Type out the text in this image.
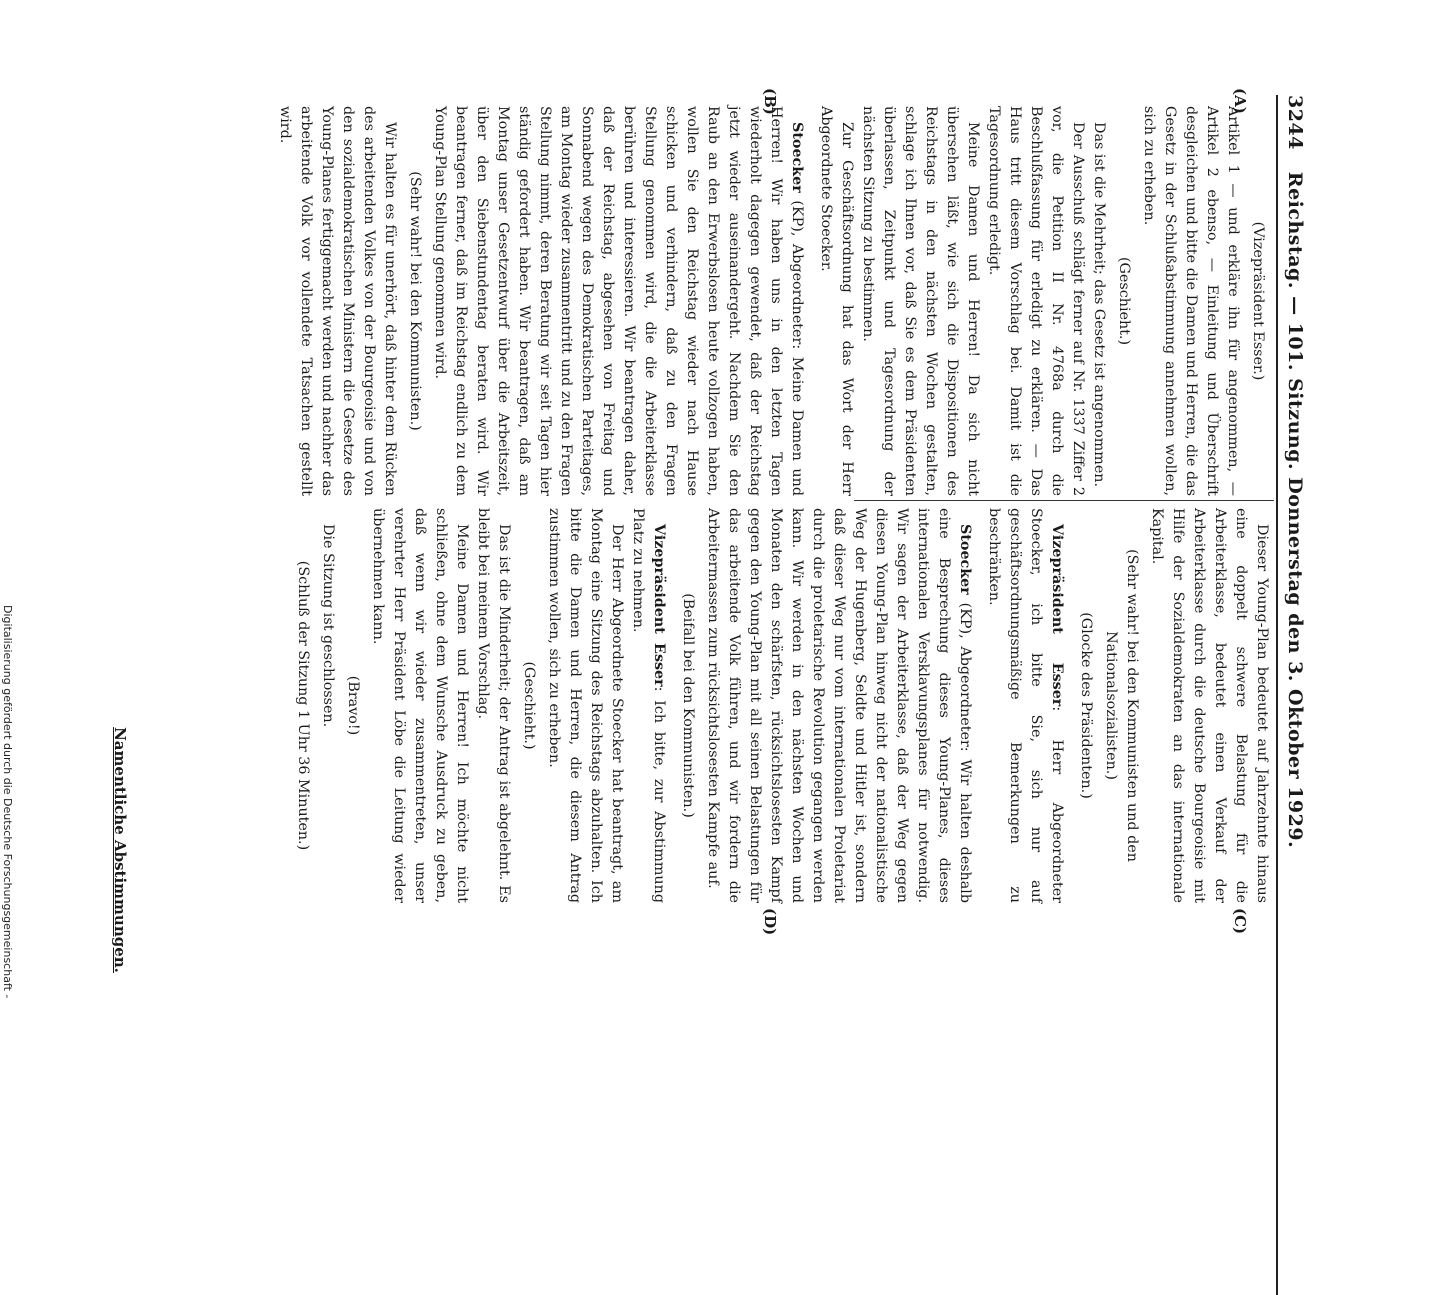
3244
Reichstag. — 101. Sitzung. Donnerstag den 3. Oktober 1929.
(A)
(B)
(C)
(D)

(Vizepräsident Esser.)

Artikel 1 — und erkläre ihn für angenommen, — Artikel 2 ebenso, — Einleitung und Überschrift desgleichen und bitte die Damen und Herren, die das Gesetz in der Schlußabstimmung annehmen wollen, sich zu erheben.

(Geschieht.)

Das ist die Mehrheit; das Gesetz ist angenommen.

Der Ausschuß schlägt ferner auf Nr. 1337 Ziffer 2 vor, die Petition II Nr. 4768a durch die Beschlußfassung für erledigt zu erklären. — Das Haus tritt diesem Vorschlag bei. Damit ist die Tagesordnung erledigt.

Meine Damen und Herren! Da sich nicht übersehen läßt, wie sich die Dispositionen des Reichstags in den nächsten Wochen gestalten, schlage ich Ihnen vor, daß Sie es dem Präsidenten überlassen, Zeitpunkt und Tagesordnung der nächsten Sitzung zu bestimmen.

Zur Geschäftsordnung hat das Wort der Herr Abgeordnete Stoecker.

Stoecker (KP), Abgeordneter: Meine Damen und Herren! Wir haben uns in den letzten Tagen wiederholt dagegen gewendet, daß der Reichstag jetzt wieder auseinandergeht. Nachdem Sie den Raub an den Erwerbslosen heute vollzogen haben, wollen Sie den Reichstag wieder nach Hause schicken und verhindern, daß zu den Fragen Stellung genommen wird, die die Arbeiterklasse berühren und interessieren. Wir beantragen daher, daß der Reichstag, abgesehen von Freitag und Sonnabend wegen des Demokratischen Parteitages, am Montag wieder zusammentritt und zu den Fragen Stellung nimmt, deren Beratung wir seit Tagen hier ständig gefordert haben. Wir beantragen, daß am Montag unser Gesetzentwurf über die Arbeitszeit, über den Siebenstundentag beraten wird. Wir beantragen ferner, daß im Reichstag endlich zu dem Young-Plan Stellung genommen wird.

(Sehr wahr! bei den Kommunisten.)

Wir halten es für unerhört, daß hinter dem Rücken des arbeitenden Volkes von der Bourgeoisie und von den sozialdemokratischen Ministern die Gesetze des Young-Planes fertiggemacht werden und nachher das arbeitende Volk vor vollendete Tatsachen gestellt wird.

Dieser Young-Plan bedeutet auf Jahrzehnte hinaus eine doppelt schwere Belastung für die Arbeiterklasse, bedeutet einen Verkauf der Arbeiterklasse durch die deutsche Bourgeoisie mit Hilfe der Sozialdemokraten an das internationale Kapital.

(Sehr wahr! bei den Kommunisten und den Nationalsozialisten.)

(Glocke des Präsidenten.)

Vizepräsident Esser: Herr Abgeordneter Stoecker, ich bitte Sie, sich nur auf geschäftsordnungsmäßige Bemerkungen zu beschränken.

Stoecker (KP), Abgeordneter: Wir halten deshalb eine Besprechung dieses Young-Planes, dieses internationalen Versklavungsplanes für notwendig. Wir sagen der Arbeiterklasse, daß der Weg gegen diesen Young-Plan hinweg nicht der nationalistische Weg der Hugenberg, Seldte und Hitler ist, sondern daß dieser Weg nur vom internationalen Proletariat durch die proletarische Revolution gegangen werden kann. Wir werden in den nächsten Wochen und Monaten den schärfsten, rücksichtslosesten Kampf gegen den Young-Plan mit all seinen Belastungen für das arbeitende Volk führen, und wir fordern die Arbeitermassen zum rücksichtslosesten Kampfe auf.

(Beifall bei den Kommunisten.)

Vizepräsident Esser: Ich bitte, zur Abstimmung Platz zu nehmen.

Der Herr Abgeordnete Stoecker hat beantragt, am Montag eine Sitzung des Reichstags abzuhalten. Ich bitte die Damen und Herren, die diesem Antrag zustimmen wollen, sich zu erheben.

(Geschieht.)

Das ist die Minderheit; der Antrag ist abgelehnt. Es bleibt bei meinem Vorschlag.

Meine Damen und Herren! Ich möchte nicht schließen, ohne dem Wunsche Ausdruck zu geben, daß wenn wir wieder zusammentreten, unser verehrter Herr Präsident Löbe die Leitung wieder übernehmen kann.

(Bravo!)

Die Sitzung ist geschlossen.

(Schluß der Sitzung 1 Uhr 36 Minuten.)

Namentliche Abstimmungen.
Digitalisierung gefördert durch die Deutsche Forschungsgemeinschaft -
